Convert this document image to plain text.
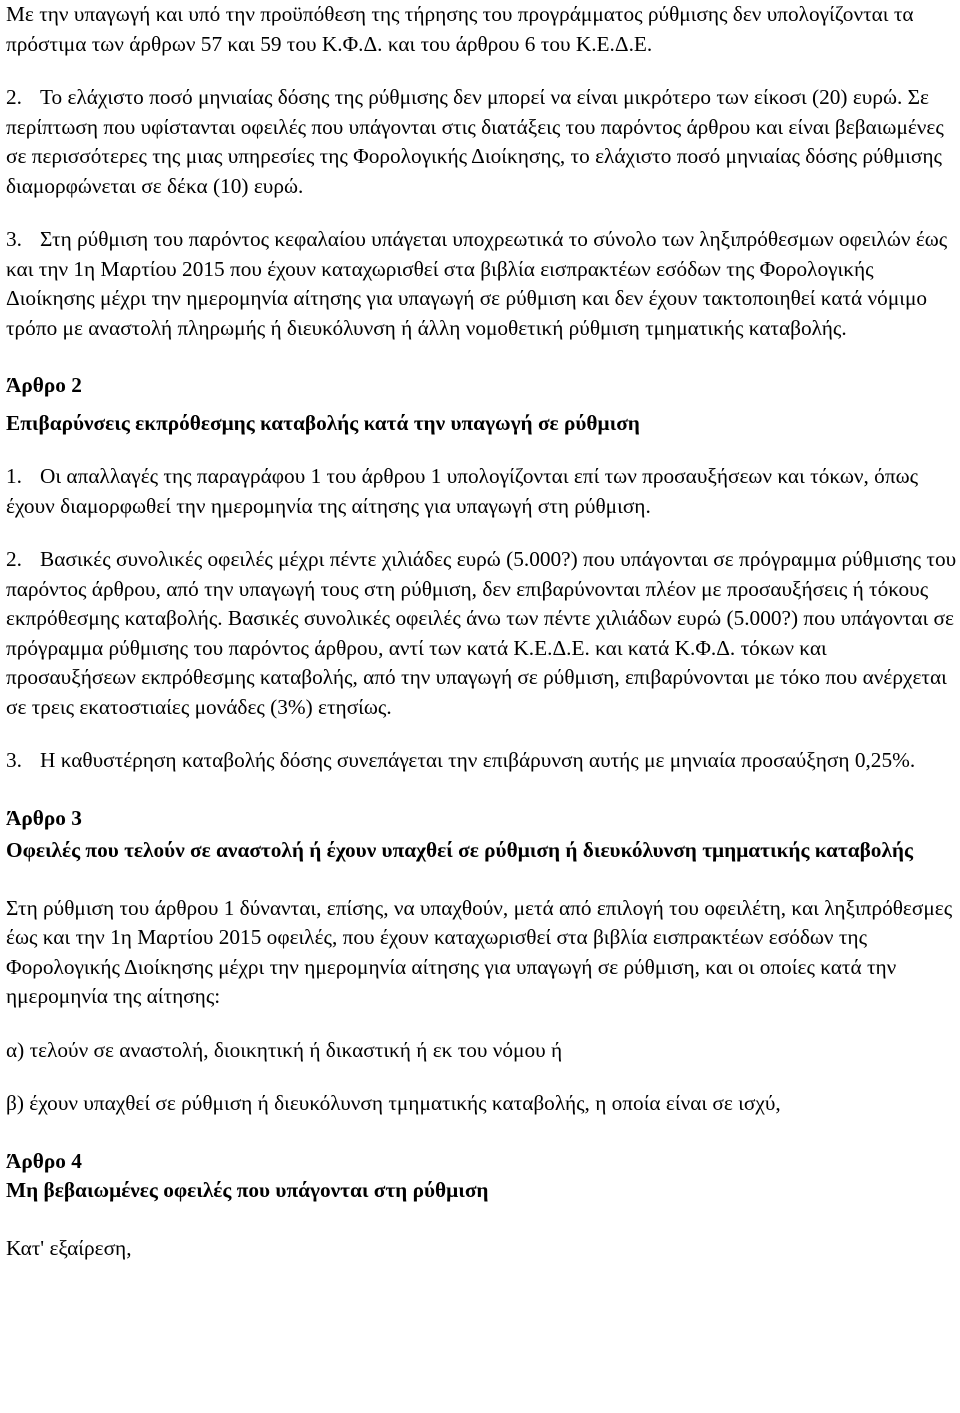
Με την υπαγωγή και υπό την προϋπόθεση της τήρησης του προγράμματος ρύθμισης δεν υπολογίζονται τα πρόστιμα των άρθρων 57 και 59 του Κ.Φ.Δ. και του άρθρου 6 του Κ.Ε.Δ.Ε.

2. Το ελάχιστο ποσό μηνιαίας δόσης της ρύθμισης δεν μπορεί να είναι μικρότερο των είκοσι (20) ευρώ. Σε περίπτωση που υφίστανται οφειλές που υπάγονται στις διατάξεις του παρόντος άρθρου και είναι βεβαιωμένες σε περισσότερες της μιας υπηρεσίες της Φορολογικής Διοίκησης, το ελάχιστο ποσό μηνιαίας δόσης ρύθμισης διαμορφώνεται σε δέκα (10) ευρώ.

3. Στη ρύθμιση του παρόντος κεφαλαίου υπάγεται υποχρεωτικά το σύνολο των ληξιπρόθεσμων οφειλών έως και την 1η Μαρτίου 2015 που έχουν καταχωρισθεί στα βιβλία εισπρακτέων εσόδων της Φορολογικής Διοίκησης μέχρι την ημερομηνία αίτησης για υπαγωγή σε ρύθμιση και δεν έχουν τακτοποιηθεί κατά νόμιμο τρόπο με αναστολή πληρωμής ή διευκόλυνση ή άλλη νομοθετική ρύθμιση τμηματικής καταβολής.

Άρθρο 2
Επιβαρύνσεις εκπρόθεσμης καταβολής κατά την υπαγωγή σε ρύθμιση

1. Οι απαλλαγές της παραγράφου 1 του άρθρου 1 υπολογίζονται επί των προσαυξήσεων και τόκων, όπως έχουν διαμορφωθεί την ημερομηνία της αίτησης για υπαγωγή στη ρύθμιση.

2. Βασικές συνολικές οφειλές μέχρι πέντε χιλιάδες ευρώ (5.000?) που υπάγονται σε πρόγραμμα ρύθμισης του παρόντος άρθρου, από την υπαγωγή τους στη ρύθμιση, δεν επιβαρύνονται πλέον με προσαυξήσεις ή τόκους εκπρόθεσμης καταβολής. Βασικές συνολικές οφειλές άνω των πέντε χιλιάδων ευρώ (5.000?) που υπάγονται σε πρόγραμμα ρύθμισης του παρόντος άρθρου, αντί των κατά Κ.Ε.Δ.Ε. και κατά Κ.Φ.Δ. τόκων και προσαυξήσεων εκπρόθεσμης καταβολής, από την υπαγωγή σε ρύθμιση, επιβαρύνονται με τόκο που ανέρχεται σε τρεις εκατοστιαίες μονάδες (3%) ετησίως.

3. Η καθυστέρηση καταβολής δόσης συνεπάγεται την επιβάρυνση αυτής με μηνιαία προσαύξηση 0,25%.

Άρθρο 3
Οφειλές που τελούν σε αναστολή ή έχουν υπαχθεί σε ρύθμιση ή διευκόλυνση τμηματικής καταβολής

Στη ρύθμιση του άρθρου 1 δύνανται, επίσης, να υπαχθούν, μετά από επιλογή του οφειλέτη, και ληξιπρόθεσμες έως και την 1η Μαρτίου 2015 οφειλές, που έχουν καταχωρισθεί στα βιβλία εισπρακτέων εσόδων της Φορολογικής Διοίκησης μέχρι την ημερομηνία αίτησης για υπαγωγή σε ρύθμιση, και οι οποίες κατά την ημερομηνία της αίτησης:

α) τελούν σε αναστολή, διοικητική ή δικαστική ή εκ του νόμου ή

β) έχουν υπαχθεί σε ρύθμιση ή διευκόλυνση τμηματικής καταβολής, η οποία είναι σε ισχύ,

Άρθρο 4
Μη βεβαιωμένες οφειλές που υπάγονται στη ρύθμιση

Κατ' εξαίρεση,
